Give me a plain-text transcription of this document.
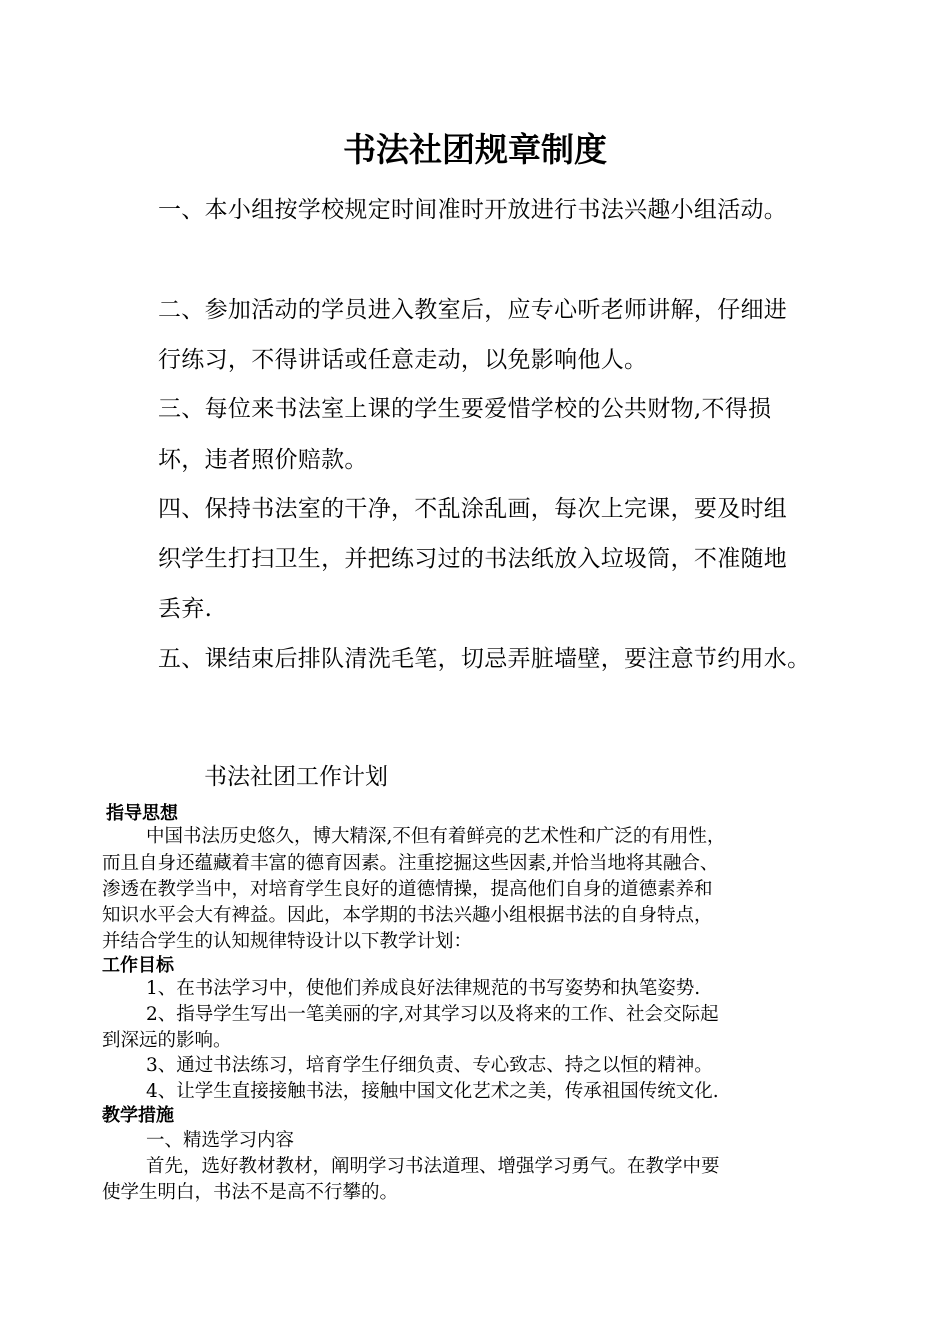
书法社团规章制度
一、本小组按学校规定时间准时开放进行书法兴趣小组活动。
二、参加活动的学员进入教室后，应专心听老师讲解，仔细进
行练习，不得讲话或任意走动，以免影响他人。
三、每位来书法室上课的学生要爱惜学校的公共财物,不得损
坏，违者照价赔款。
四、保持书法室的干净，不乱涂乱画，每次上完课，要及时组
织学生打扫卫生，并把练习过的书法纸放入垃圾筒，不准随地
丢弃.
五、课结束后排队清洗毛笔，切忌弄脏墙壁，要注意节约用水。
书法社团工作计划
指导思想
中国书法历史悠久，博大精深,不但有着鲜亮的艺术性和广泛的有用性，
而且自身还蕴藏着丰富的德育因素。注重挖掘这些因素,并恰当地将其融合、
渗透在教学当中，对培育学生良好的道德情操，提高他们自身的道德素养和
知识水平会大有裨益。因此，本学期的书法兴趣小组根据书法的自身特点，
并结合学生的认知规律特设计以下教学计划：
工作目标
1、在书法学习中，使他们养成良好法律规范的书写姿势和执笔姿势.
2、指导学生写出一笔美丽的字,对其学习以及将来的工作、社会交际起
到深远的影响。
3、通过书法练习，培育学生仔细负责、专心致志、持之以恒的精神。
4、让学生直接接触书法，接触中国文化艺术之美，传承祖国传统文化.
教学措施
一、精选学习内容
首先，选好教材教材，阐明学习书法道理、增强学习勇气。在教学中要
使学生明白，书法不是高不行攀的。
